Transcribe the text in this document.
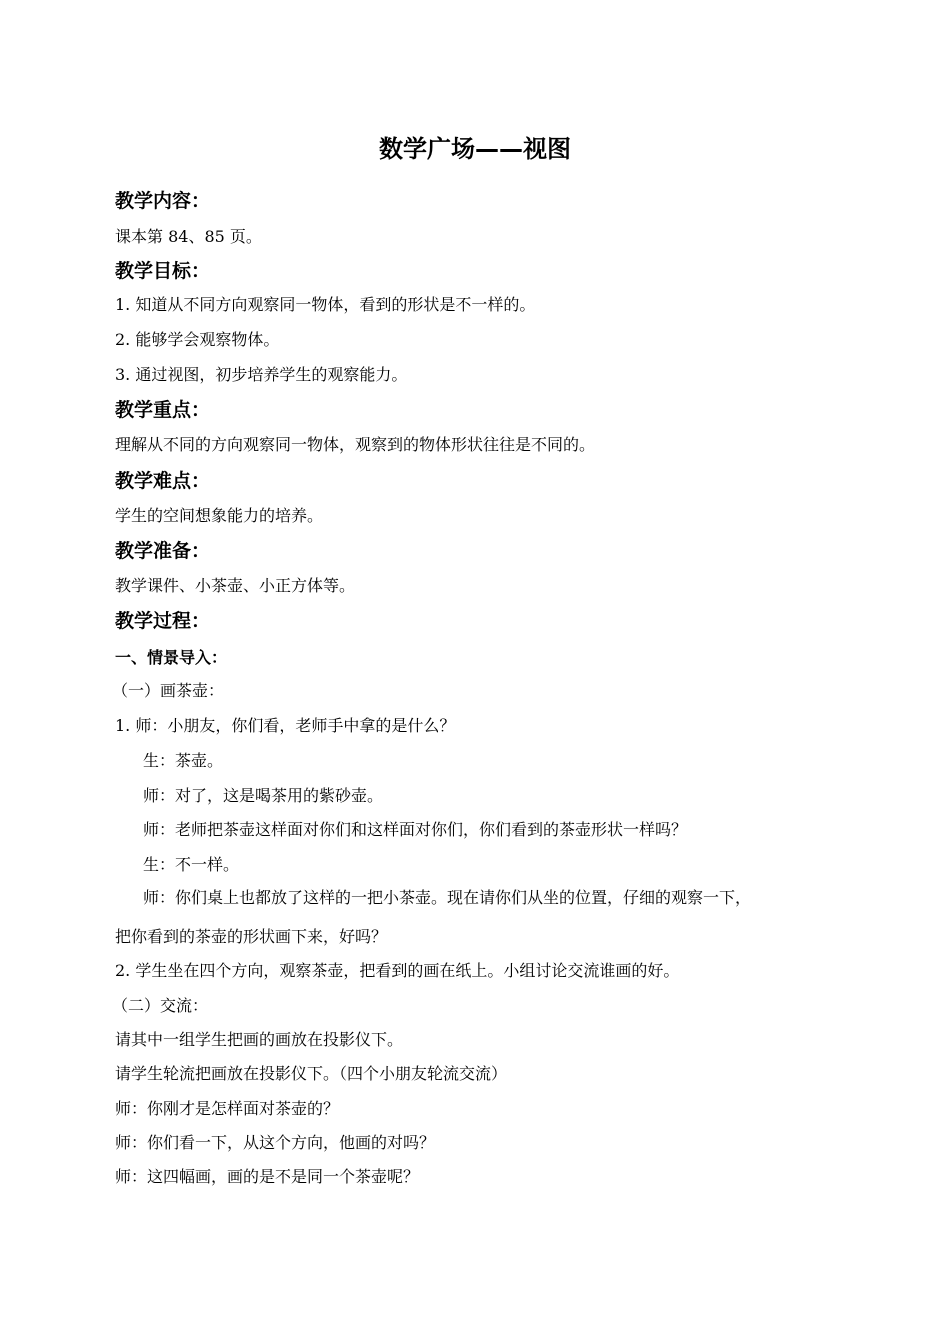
数学广场——视图
教学内容：
课本第 84、85 页。
教学目标：
1. 知道从不同方向观察同一物体，看到的形状是不一样的。
2. 能够学会观察物体。
3. 通过视图，初步培养学生的观察能力。
教学重点：
理解从不同的方向观察同一物体，观察到的物体形状往往是不同的。
教学难点：
学生的空间想象能力的培养。
教学准备：
教学课件、小茶壶、小正方体等。
教学过程：
一、情景导入：
（一）画茶壶：
1. 师：小朋友，你们看，老师手中拿的是什么？
生：茶壶。
师：对了，这是喝茶用的紫砂壶。
师：老师把茶壶这样面对你们和这样面对你们，你们看到的茶壶形状一样吗？
生：不一样。
师：你们桌上也都放了这样的一把小茶壶。现在请你们从坐的位置，仔细的观察一下，
把你看到的茶壶的形状画下来，好吗？
2. 学生坐在四个方向，观察茶壶，把看到的画在纸上。小组讨论交流谁画的好。
（二）交流：
请其中一组学生把画的画放在投影仪下。
请学生轮流把画放在投影仪下。（四个小朋友轮流交流）
师：你刚才是怎样面对茶壶的？
师：你们看一下，从这个方向，他画的对吗？
师：这四幅画，画的是不是同一个茶壶呢？
